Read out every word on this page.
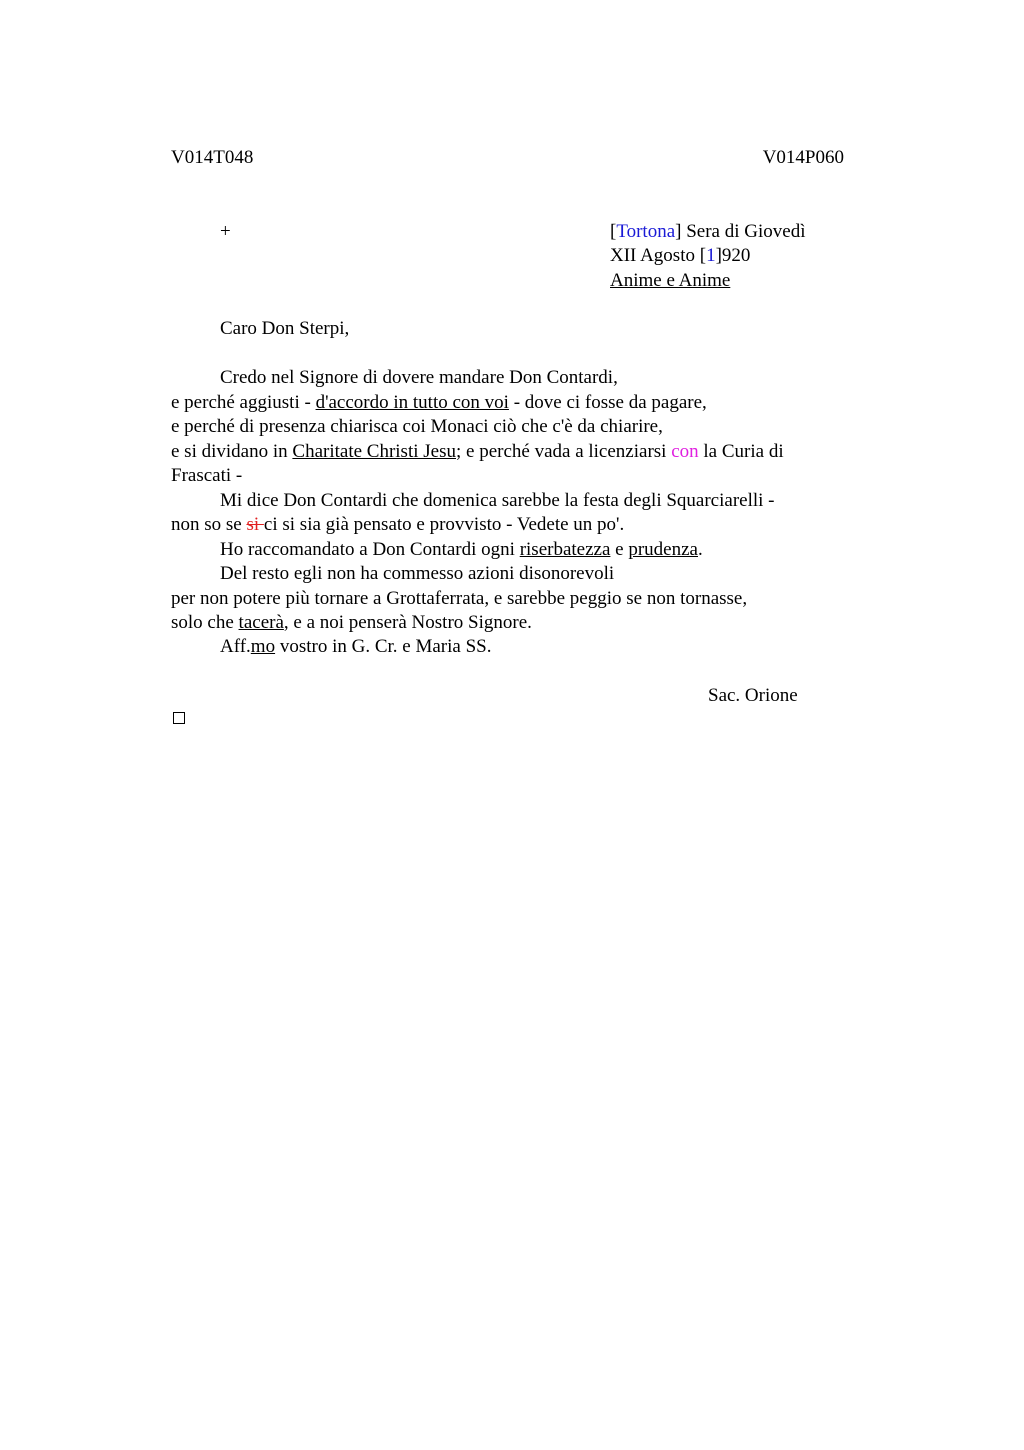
V014T048	V014P060
+	[Tortona] Sera di Giovedì
XII Agosto [1]920
Anime e Anime
Caro Don Sterpi,
Credo nel Signore di dovere mandare Don Contardi,
e perché aggiusti - d'accordo in tutto con voi - dove ci fosse da pagare,
e perché di presenza chiarisca coi Monaci ciò che c'è da chiarire,
e si dividano in Charitate Christi Jesu; e perché vada a licenziarsi con la Curia di
Frascati -
Mi dice Don Contardi che domenica sarebbe la festa degli Squarciarelli -
non so se si ci si sia già pensato e provvisto - Vedete un po'.
Ho raccomandato a Don Contardi ogni riserbatezza e prudenza.
Del resto egli non ha commesso azioni disonorevoli
per non potere più tornare a Grottaferrata, e sarebbe peggio se non tornasse,
solo che tacerà, e a noi penserà Nostro Signore.
Aff.mo vostro in G. Cr. e Maria SS.
Sac. Orione
